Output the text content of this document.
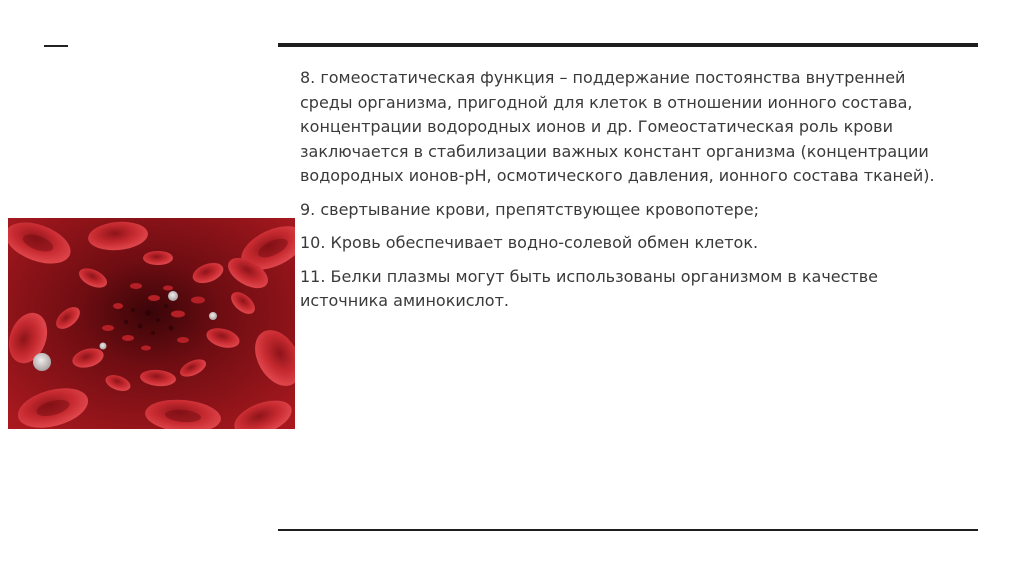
8. гомеостатическая функция – поддержание постоянства внутренней среды организма, пригодной для клеток в отношении ионного состава, концентрации водородных ионов и др. Гомеостатическая роль крови заключается в стабилизации важных констант организма (концентрации водородных ионов-pH, осмотического давления, ионного состава тканей).

9. свертывание крови, препятствующее кровопотере;

10. Кровь обеспечивает водно-солевой обмен клеток.

11. Белки плазмы могут быть использованы организмом в качестве источника аминокислот.
